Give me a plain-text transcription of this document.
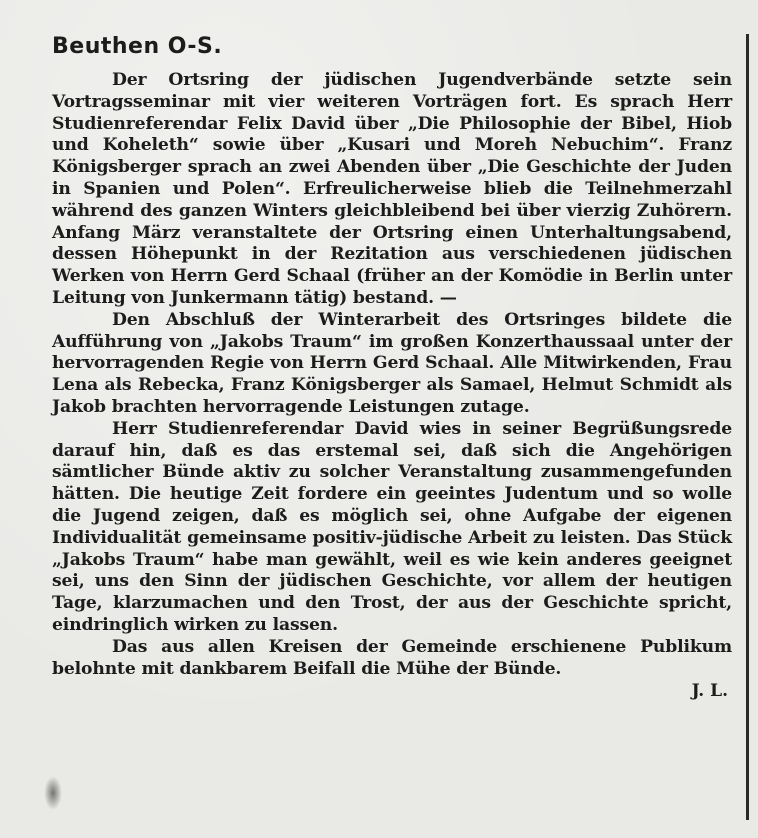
Beuthen O-S.

Der Ortsring der jüdischen Jugendverbände setzte sein Vortragsseminar mit vier weiteren Vorträgen fort. Es sprach Herr Studienreferendar Felix David über „Die Philosophie der Bibel, Hiob und Koheleth“ sowie über „Kusari und Moreh Nebuchim“. Franz Königsberger sprach an zwei Abenden über „Die Geschichte der Juden in Spanien und Polen“. Erfreulicherweise blieb die Teilnehmerzahl während des ganzen Winters gleichbleibend bei über vierzig Zuhörern. Anfang März veranstaltete der Ortsring einen Unterhaltungsabend, dessen Höhepunkt in der Rezitation aus verschiedenen jüdischen Werken von Herrn Gerd Schaal (früher an der Komödie in Berlin unter Leitung von Junkermann tätig) bestand. —

Den Abschluß der Winterarbeit des Ortsringes bildete die Aufführung von „Jakobs Traum“ im großen Konzerthaussaal unter der hervorragenden Regie von Herrn Gerd Schaal. Alle Mitwirkenden, Frau Lena als Rebecka, Franz Königsberger als Samael, Helmut Schmidt als Jakob brachten hervorragende Leistungen zutage.

Herr Studienreferendar David wies in seiner Begrüßungsrede darauf hin, daß es das erstemal sei, daß sich die Angehörigen sämtlicher Bünde aktiv zu solcher Veranstaltung zusammengefunden hätten. Die heutige Zeit fordere ein geeintes Judentum und so wolle die Jugend zeigen, daß es möglich sei, ohne Aufgabe der eigenen Individualität gemeinsame positiv-jüdische Arbeit zu leisten. Das Stück „Jakobs Traum“ habe man gewählt, weil es wie kein anderes geeignet sei, uns den Sinn der jüdischen Geschichte, vor allem der heutigen Tage, klarzumachen und den Trost, der aus der Geschichte spricht, eindringlich wirken zu lassen.

Das aus allen Kreisen der Gemeinde erschienene Publikum belohnte mit dankbarem Beifall die Mühe der Bünde.

J. L.
